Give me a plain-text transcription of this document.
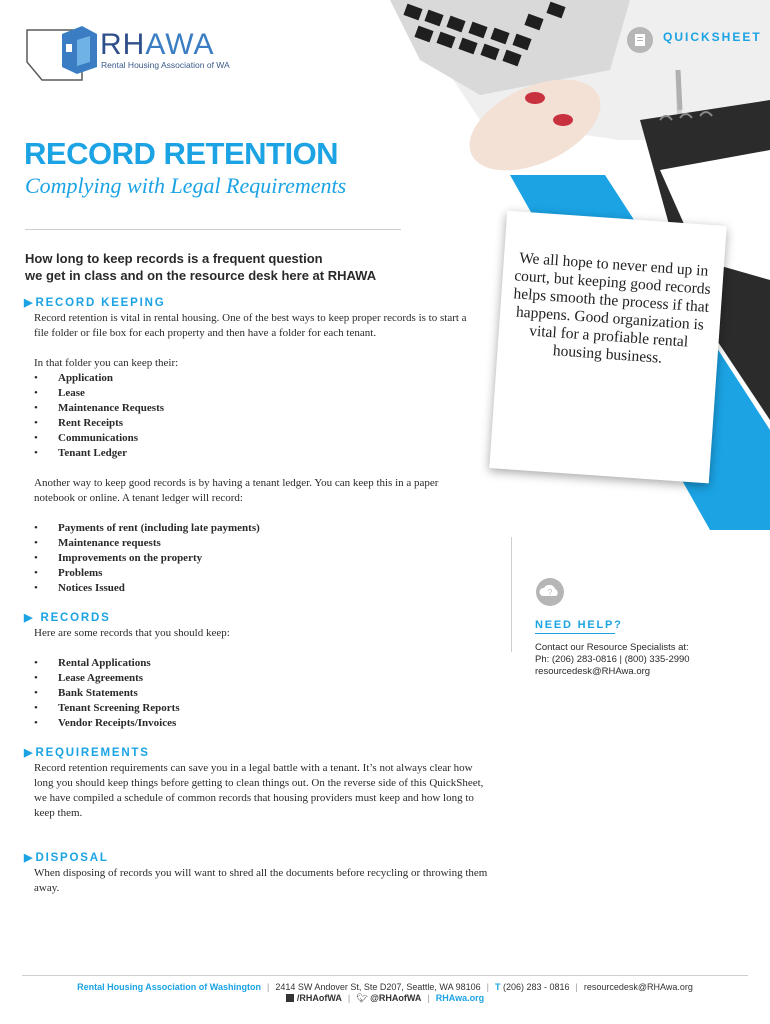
RHAWA
Rental Housing Association of WA
QUICKSHEET
RECORD RETENTION
Complying with Legal Requirements
How long to keep records is a frequent question
we get in class and on the resource desk here at RHAWA
▶ RECORD KEEPING
Record retention is vital in rental housing. One of the best ways to keep proper records is to start a
file folder or file box for each property and then have a folder for each tenant.
In that folder you can keep their:
• Application
• Lease
• Maintenance Requests
• Rent Receipts
• Communications
• Tenant Ledger
Another way to keep good records is by having a tenant ledger. You can keep this in a paper
notebook or online. A tenant ledger will record:
• Payments of rent (including late payments)
• Maintenance requests
• Improvements on the property
• Problems
• Notices Issued
▶ RECORDS
Here are some records that you should keep:
• Rental Applications
• Lease Agreements
• Bank Statements
• Tenant Screening Reports
• Vendor Receipts/Invoices
▶ REQUIREMENTS
Record retention requirements can save you in a legal battle with a tenant. It’s not always clear how
long you should keep things before getting to clean things out. On the reverse side of this QuickSheet,
we have compiled a schedule of common records that housing providers must keep and how long to
keep them.
▶ DISPOSAL
When disposing of records you will want to shred all the documents before recycling or throwing them
away.
We all hope to never end up in court, but keeping good records helps smooth the process if that happens. Good organization is vital for a profiable rental housing business.
?
NEED HELP?
Contact our Resource Specialists at:
Ph: (206) 283-0816 | (800) 335-2990
resourcedesk@RHAwa.org
Rental Housing Association of Washington | 2414 SW Andover St, Ste D207, Seattle, WA 98106 | T (206) 283 - 0816 | resourcedesk@RHAwa.org
/RHAofWA | 🐦︎ @RHAofWA | RHAwa.org
